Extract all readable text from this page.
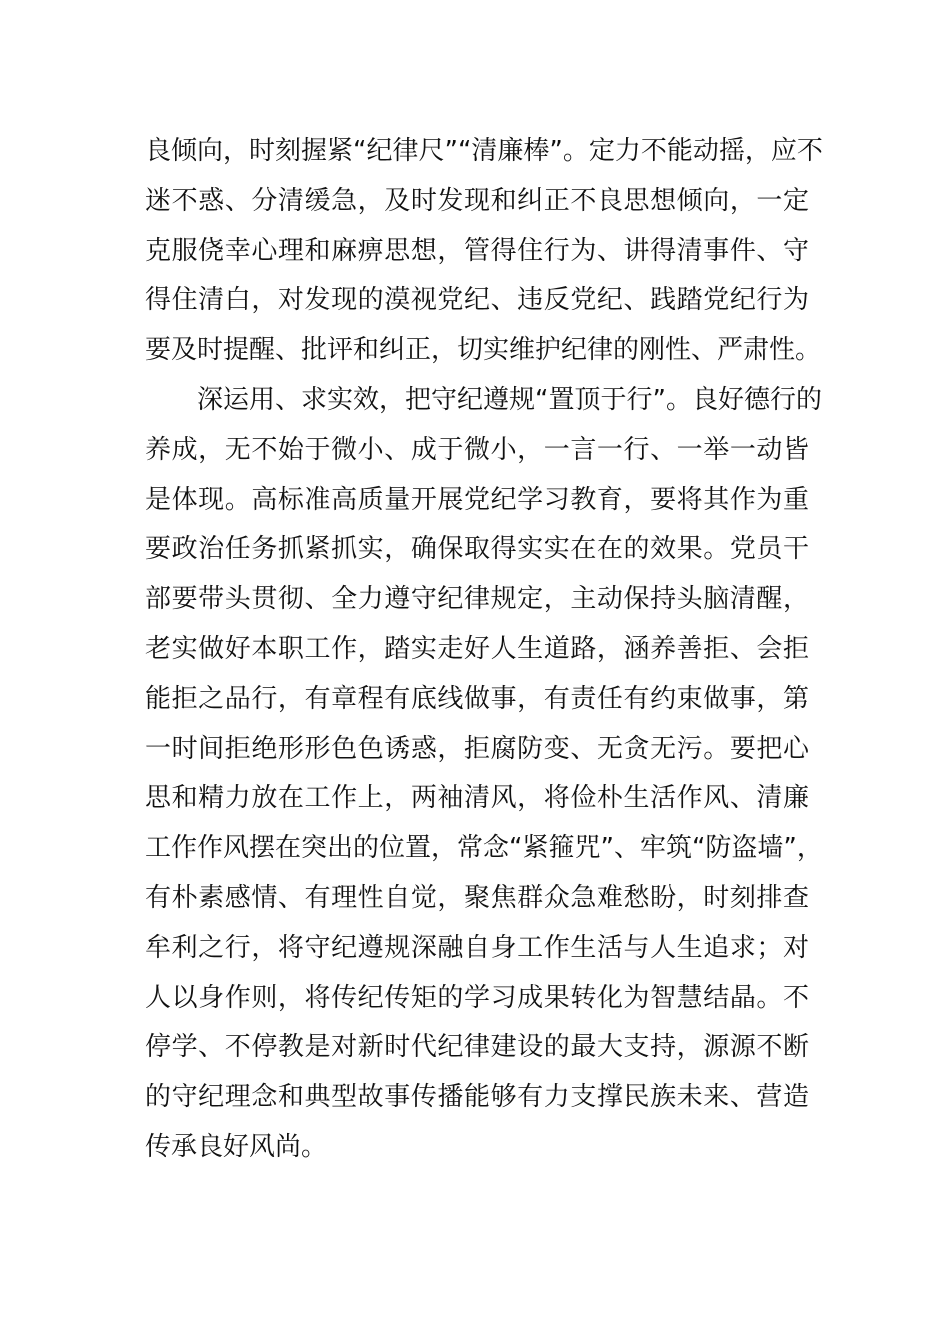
良倾向，时刻握紧“纪律尺”“清廉棒”。定力不能动摇，应不
迷不惑、分清缓急，及时发现和纠正不良思想倾向，一定
克服侥幸心理和麻痹思想，管得住行为、讲得清事件、守
得住清白，对发现的漠视党纪、违反党纪、践踏党纪行为
要及时提醒、批评和纠正，切实维护纪律的刚性、严肃性。
深运用、求实效，把守纪遵规“置顶于行”。良好德行的
养成，无不始于微小、成于微小，一言一行、一举一动皆
是体现。高标准高质量开展党纪学习教育，要将其作为重
要政治任务抓紧抓实，确保取得实实在在的效果。党员干
部要带头贯彻、全力遵守纪律规定，主动保持头脑清醒，
老实做好本职工作，踏实走好人生道路，涵养善拒、会拒
能拒之品行，有章程有底线做事，有责任有约束做事，第
一时间拒绝形形色色诱惑，拒腐防变、无贪无污。要把心
思和精力放在工作上，两袖清风，将俭朴生活作风、清廉
工作作风摆在突出的位置，常念“紧箍咒”、牢筑“防盗墙”，
有朴素感情、有理性自觉，聚焦群众急难愁盼，时刻排查
牟利之行，将守纪遵规深融自身工作生活与人生追求；对
人以身作则，将传纪传矩的学习成果转化为智慧结晶。不
停学、不停教是对新时代纪律建设的最大支持，源源不断
的守纪理念和典型故事传播能够有力支撑民族未来、营造
传承良好风尚。
